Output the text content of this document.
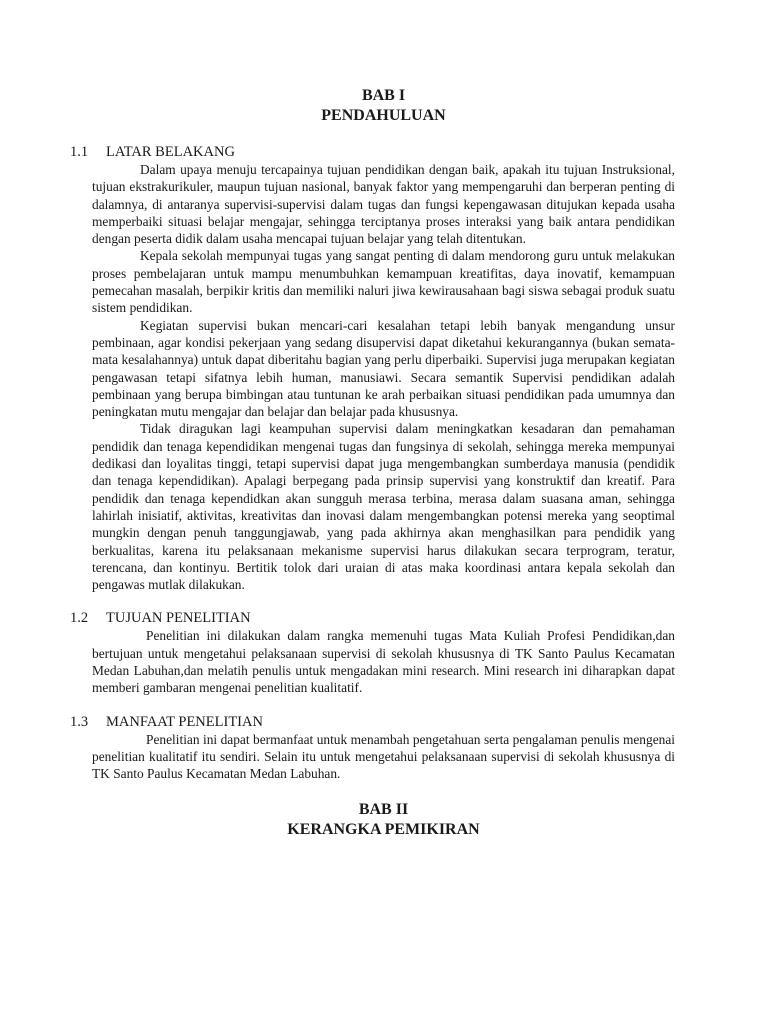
BAB I

PENDAHULUAN

1.1	LATAR BELAKANG

Dalam upaya menuju tercapainya tujuan pendidikan dengan baik, apakah itu tujuan Instruksional, tujuan ekstrakurikuler, maupun tujuan nasional, banyak faktor yang mempengaruhi dan berperan penting di dalamnya, di antaranya supervisi-supervisi dalam tugas dan fungsi kepengawasan ditujukan kepada usaha memperbaiki situasi belajar mengajar, sehingga terciptanya proses interaksi yang baik antara pendidikan dengan peserta didik dalam usaha mencapai tujuan belajar yang telah ditentukan.

Kepala sekolah mempunyai tugas yang sangat penting di dalam mendorong guru untuk melakukan proses pembelajaran untuk mampu menumbuhkan kemampuan kreatifitas, daya inovatif, kemampuan pemecahan masalah, berpikir kritis dan memiliki naluri jiwa kewirausahaan bagi siswa sebagai produk suatu sistem pendidikan.

Kegiatan supervisi bukan mencari-cari kesalahan tetapi lebih banyak mengandung unsur pembinaan, agar kondisi pekerjaan yang sedang disupervisi dapat diketahui kekurangannya (bukan semata-mata kesalahannya) untuk dapat diberitahu bagian yang perlu diperbaiki. Supervisi juga merupakan kegiatan pengawasan tetapi sifatnya lebih human, manusiawi. Secara semantik Supervisi pendidikan adalah pembinaan yang berupa bimbingan atau tuntunan ke arah perbaikan situasi pendidikan pada umumnya dan peningkatan mutu mengajar dan belajar dan belajar pada khususnya.

Tidak diragukan lagi keampuhan supervisi dalam meningkatkan kesadaran dan pemahaman pendidik dan tenaga kependidikan mengenai tugas dan fungsinya di sekolah, sehingga mereka mempunyai dedikasi dan loyalitas tinggi, tetapi supervisi dapat juga mengembangkan sumberdaya manusia (pendidik dan tenaga kependidikan). Apalagi berpegang pada prinsip supervisi yang konstruktif dan kreatif. Para pendidik dan tenaga kependidkan akan sungguh merasa terbina, merasa dalam suasana aman, sehingga lahirlah inisiatif, aktivitas, kreativitas dan inovasi dalam mengembangkan potensi mereka yang seoptimal mungkin dengan penuh tanggungjawab, yang pada akhirnya akan menghasilkan para pendidik yang berkualitas, karena itu pelaksanaan mekanisme supervisi harus dilakukan secara terprogram, teratur, terencana, dan kontinyu. Bertitik tolok dari uraian di atas maka koordinasi antara kepala sekolah dan pengawas mutlak dilakukan.

1.2	TUJUAN PENELITIAN

Penelitian ini dilakukan dalam rangka memenuhi tugas Mata Kuliah Profesi Pendidikan,dan bertujuan untuk mengetahui pelaksanaan supervisi di sekolah khususnya di TK Santo Paulus Kecamatan Medan Labuhan,dan melatih penulis untuk mengadakan mini research. Mini research ini diharapkan dapat memberi gambaran mengenai penelitian kualitatif.

1.3	MANFAAT PENELITIAN

Penelitian ini dapat bermanfaat untuk menambah pengetahuan serta pengalaman penulis mengenai penelitian kualitatif itu sendiri. Selain itu untuk mengetahui pelaksanaan supervisi di sekolah khususnya di TK Santo Paulus Kecamatan Medan Labuhan.

BAB II

KERANGKA PEMIKIRAN
